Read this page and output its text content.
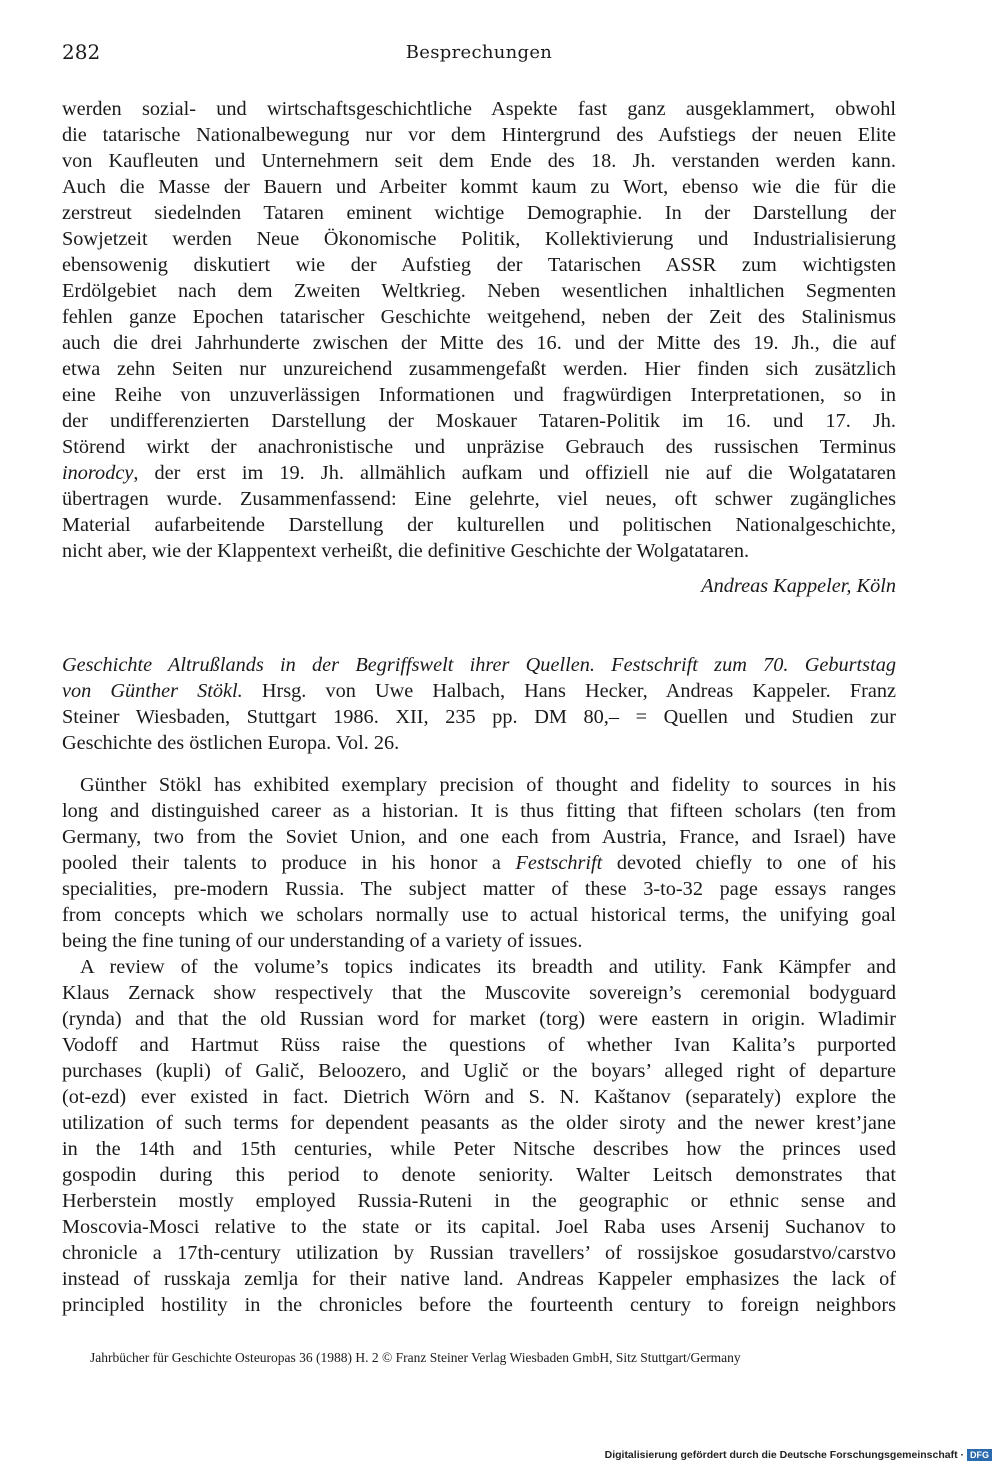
282	Besprechungen
werden sozial- und wirtschaftsgeschichtliche Aspekte fast ganz ausgeklammert, obwohl
die tatarische Nationalbewegung nur vor dem Hintergrund des Aufstiegs der neuen Elite
von Kaufleuten und Unternehmern seit dem Ende des 18. Jh. verstanden werden kann.
Auch die Masse der Bauern und Arbeiter kommt kaum zu Wort, ebenso wie die für die
zerstreut siedelnden Tataren eminent wichtige Demographie. In der Darstellung der
Sowjetzeit werden Neue Ökonomische Politik, Kollektivierung und Industrialisierung
ebensowenig diskutiert wie der Aufstieg der Tatarischen ASSR zum wichtigsten
Erdölgebiet nach dem Zweiten Weltkrieg. Neben wesentlichen inhaltlichen Segmenten
fehlen ganze Epochen tatarischer Geschichte weitgehend, neben der Zeit des Stalinismus
auch die drei Jahrhunderte zwischen der Mitte des 16. und der Mitte des 19. Jh., die auf
etwa zehn Seiten nur unzureichend zusammengefaßt werden. Hier finden sich zusätzlich
eine Reihe von unzuverlässigen Informationen und fragwürdigen Interpretationen, so in
der undifferenzierten Darstellung der Moskauer Tataren-Politik im 16. und 17. Jh.
Störend wirkt der anachronistische und unpräzise Gebrauch des russischen Terminus
inorodcy, der erst im 19. Jh. allmählich aufkam und offiziell nie auf die Wolgatataren
übertragen wurde. Zusammenfassend: Eine gelehrte, viel neues, oft schwer zugängliches
Material aufarbeitende Darstellung der kulturellen und politischen Nationalgeschichte,
nicht aber, wie der Klappentext verheißt, die definitive Geschichte der Wolgatataren.
Andreas Kappeler, Köln
Geschichte Altrußlands in der Begriffswelt ihrer Quellen. Festschrift zum 70. Geburtstag
von Günther Stökl. Hrsg. von Uwe Halbach, Hans Hecker, Andreas Kappeler. Franz
Steiner Wiesbaden, Stuttgart 1986. XII, 235 pp. DM 80,– = Quellen und Studien zur
Geschichte des östlichen Europa. Vol. 26.
Günther Stökl has exhibited exemplary precision of thought and fidelity to sources in his
long and distinguished career as a historian. It is thus fitting that fifteen scholars (ten from
Germany, two from the Soviet Union, and one each from Austria, France, and Israel) have
pooled their talents to produce in his honor a Festschrift devoted chiefly to one of his
specialities, pre-modern Russia. The subject matter of these 3-to-32 page essays ranges
from concepts which we scholars normally use to actual historical terms, the unifying goal
being the fine tuning of our understanding of a variety of issues.
A review of the volume’s topics indicates its breadth and utility. Fank Kämpfer and
Klaus Zernack show respectively that the Muscovite sovereign’s ceremonial bodyguard
(rynda) and that the old Russian word for market (torg) were eastern in origin. Wladimir
Vodoff and Hartmut Rüss raise the questions of whether Ivan Kalita’s purported
purchases (kupli) of Galič, Beloozero, and Uglič or the boyars’ alleged right of departure
(ot-ezd) ever existed in fact. Dietrich Wörn and S. N. Kaštanov (separately) explore the
utilization of such terms for dependent peasants as the older siroty and the newer krest’jane
in the 14th and 15th centuries, while Peter Nitsche describes how the princes used
gospodin during this period to denote seniority. Walter Leitsch demonstrates that
Herberstein mostly employed Russia-Ruteni in the geographic or ethnic sense and
Moscovia-Mosci relative to the state or its capital. Joel Raba uses Arsenij Suchanov to
chronicle a 17th-century utilization by Russian travellers’ of rossijskoe gosudarstvo/carstvo
instead of russkaja zemlja for their native land. Andreas Kappeler emphasizes the lack of
principled hostility in the chronicles before the fourteenth century to foreign neighbors
Jahrbücher für Geschichte Osteuropas 36 (1988) H. 2 © Franz Steiner Verlag Wiesbaden GmbH, Sitz Stuttgart/Germany
Digitalisierung gefördert durch die Deutsche Forschungsgemeinschaft · DFG
